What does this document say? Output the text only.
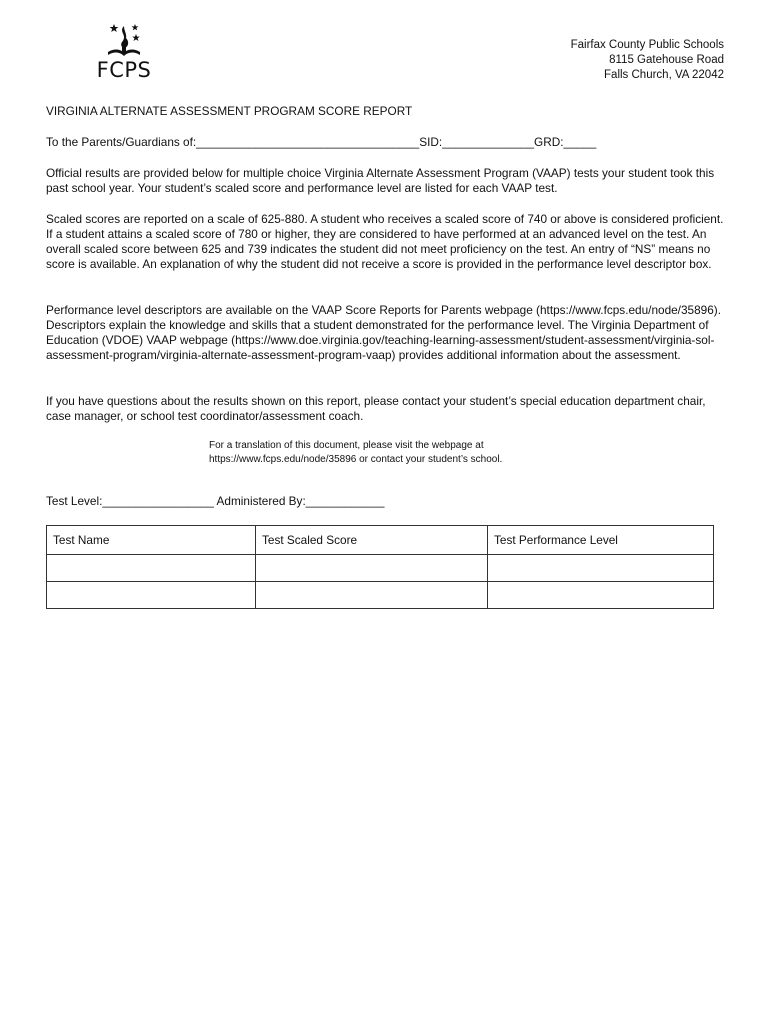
FCPS
Fairfax County Public Schools
8115 Gatehouse Road
Falls Church, VA 22042
VIRGINIA ALTERNATE ASSESSMENT PROGRAM SCORE REPORT
To the Parents/Guardians of:__________________________________SID:______________GRD:_____
Official results are provided below for multiple choice Virginia Alternate Assessment Program (VAAP) tests your student took this past school year. Your student’s scaled score and performance level are listed for each VAAP test.
Scaled scores are reported on a scale of 625-880. A student who receives a scaled score of 740 or above is considered proficient. If a student attains a scaled score of 780 or higher, they are considered to have performed at an advanced level on the test. An overall scaled score between 625 and 739 indicates the student did not meet proficiency on the test. An entry of “NS” means no score is available. An explanation of why the student did not receive a score is provided in the performance level descriptor box.
Performance level descriptors are available on the VAAP Score Reports for Parents webpage (https://www.fcps.edu/node/35896). Descriptors explain the knowledge and skills that a student demonstrated for the performance level. The Virginia Department of Education (VDOE) VAAP webpage (https://www.doe.virginia.gov/teaching-learning-assessment/student-assessment/virginia-sol-assessment-program/virginia-alternate-assessment-program-vaap) provides additional information about the assessment.
If you have questions about the results shown on this report, please contact your student’s special education department chair, case manager, or school test coordinator/assessment coach.
For a translation of this document, please visit the webpage at
https://www.fcps.edu/node/35896 or contact your student’s school.
Test Level:_________________ Administered By:____________
Test Name	Test Scaled Score	Test Performance Level
